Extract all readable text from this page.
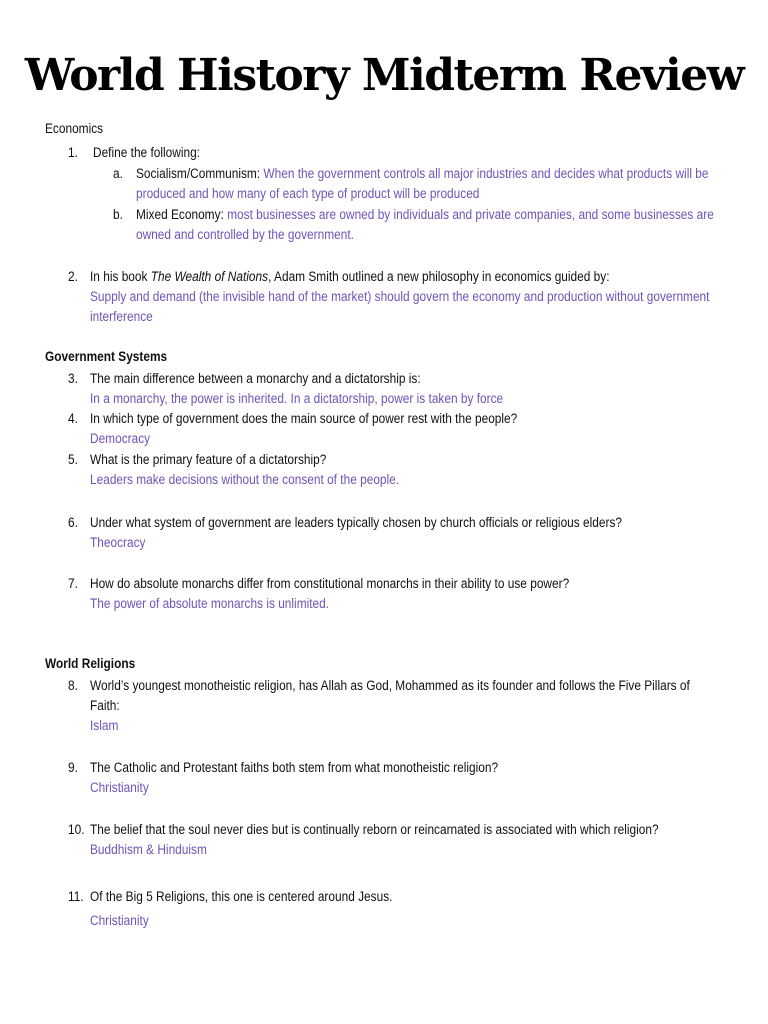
World History Midterm Review
Economics
1. Define the following:
a. Socialism/Communism: When the government controls all major industries and decides what products will be
produced and how many of each type of product will be produced
b. Mixed Economy: most businesses are owned by individuals and private companies, and some businesses are
owned and controlled by the government.
2. In his book The Wealth of Nations, Adam Smith outlined a new philosophy in economics guided by:
Supply and demand (the invisible hand of the market) should govern the economy and production without government
interference
Government Systems
3. The main difference between a monarchy and a dictatorship is:
In a monarchy, the power is inherited. In a dictatorship, power is taken by force
4. In which type of government does the main source of power rest with the people?
Democracy
5. What is the primary feature of a dictatorship?
Leaders make decisions without the consent of the people.
6. Under what system of government are leaders typically chosen by church officials or religious elders?
Theocracy
7. How do absolute monarchs differ from constitutional monarchs in their ability to use power?
The power of absolute monarchs is unlimited.
World Religions
8. World’s youngest monotheistic religion, has Allah as God, Mohammed as its founder and follows the Five Pillars of
Faith:
Islam
9. The Catholic and Protestant faiths both stem from what monotheistic religion?
Christianity
10. The belief that the soul never dies but is continually reborn or reincarnated is associated with which religion?
Buddhism & Hinduism
11. Of the Big 5 Religions, this one is centered around Jesus.
Christianity
